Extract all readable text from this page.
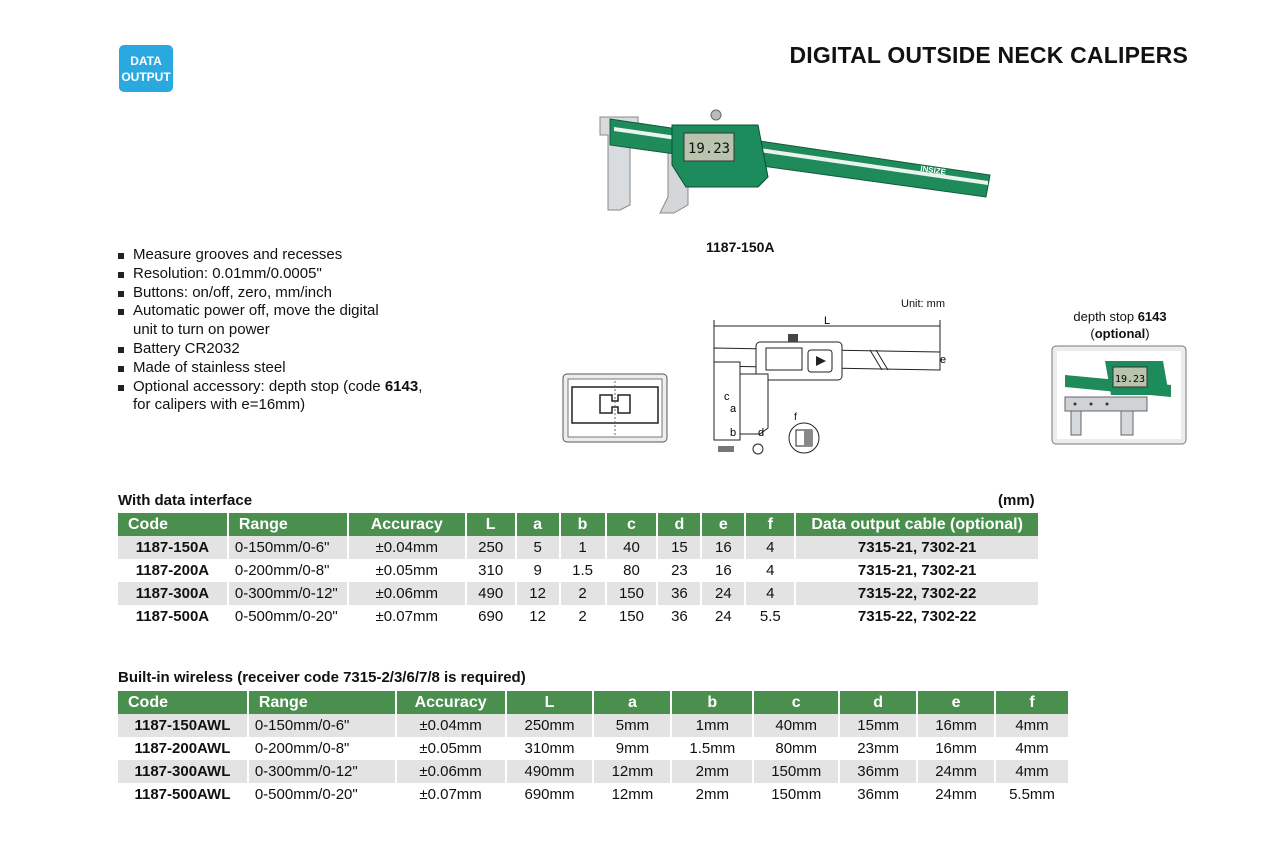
DATA
OUTPUT
DIGITAL OUTSIDE NECK CALIPERS
19.23
INSIZE
1187-150A
Measure grooves and recesses
Resolution: 0.01mm/0.0005"
Buttons: on/off, zero, mm/inch
Automatic power off, move the digital
unit to turn on power
Battery CR2032
Made of stainless steel
Optional accessory: depth stop (code 6143,
for calipers with e=16mm)
L
e
c
a
b d
f
Unit: mm
depth stop 6143
(optional)
19.23
With data interface	(mm)
Code	Range	Accuracy	L	a	b	c	d	e	f	Data output cable (optional)
1187-150A	0-150mm/0-6"	±0.04mm	250	5	1	40	15	16	4	7315-21, 7302-21
1187-200A	0-200mm/0-8"	±0.05mm	310	9	1.5	80	23	16	4	7315-21, 7302-21
1187-300A	0-300mm/0-12"	±0.06mm	490	12	2	150	36	24	4	7315-22, 7302-22
1187-500A	0-500mm/0-20"	±0.07mm	690	12	2	150	36	24	5.5	7315-22, 7302-22
Built-in wireless (receiver code 7315-2/3/6/7/8 is required)
Code	Range	Accuracy	L	a	b	c	d	e	f
1187-150AWL	0-150mm/0-6"	±0.04mm	250mm	5mm	1mm	40mm	15mm	16mm	4mm
1187-200AWL	0-200mm/0-8"	±0.05mm	310mm	9mm	1.5mm	80mm	23mm	16mm	4mm
1187-300AWL	0-300mm/0-12"	±0.06mm	490mm	12mm	2mm	150mm	36mm	24mm	4mm
1187-500AWL	0-500mm/0-20"	±0.07mm	690mm	12mm	2mm	150mm	36mm	24mm	5.5mm
